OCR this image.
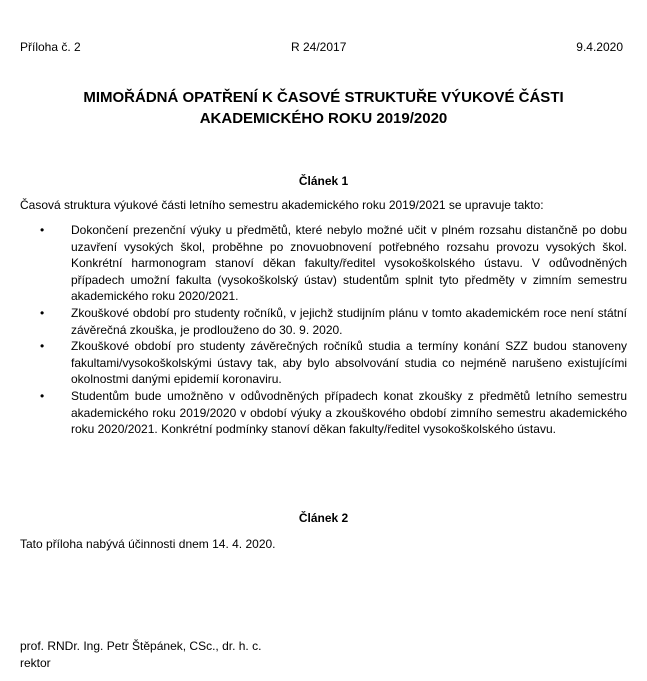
Příloha č. 2	R 24/2017	9.4.2020
MIMOŘÁDNÁ OPATŘENÍ K ČASOVÉ STRUKTUŘE VÝUKOVÉ ČÁSTI
AKADEMICKÉHO ROKU 2019/2020
Článek 1

Časová struktura výukové části letního semestru akademického roku 2019/2021 se upravuje takto:

• Dokončení prezenční výuky u předmětů, které nebylo možné učit v plném rozsahu distančně po dobu uzavření vysokých škol, proběhne po znovuobnovení potřebného rozsahu provozu vysokých škol. Konkrétní harmonogram stanoví děkan fakulty/ředitel vysokoškolského ústavu. V odůvodněných případech umožní fakulta (vysokoškolský ústav) studentům splnit tyto předměty v zimním semestru akademického roku 2020/2021.
• Zkouškové období pro studenty ročníků, v jejichž studijním plánu v tomto akademickém roce není státní závěrečná zkouška, je prodlouženo do 30. 9. 2020.
• Zkouškové období pro studenty závěrečných ročníků studia a termíny konání SZZ budou stanoveny fakultami/vysokoškolskými ústavy tak, aby bylo absolvování studia co nejméně narušeno existujícími okolnostmi danými epidemií koronaviru.
• Studentům bude umožněno v odůvodněných případech konat zkoušky z předmětů letního semestru akademického roku 2019/2020 v období výuky a zkouškového období zimního semestru akademického roku 2020/2021. Konkrétní podmínky stanoví děkan fakulty/ředitel vysokoškolského ústavu.
Článek 2

Tato příloha nabývá účinnosti dnem 14. 4. 2020.

prof. RNDr. Ing. Petr Štěpánek, CSc., dr. h. c.
rektor
